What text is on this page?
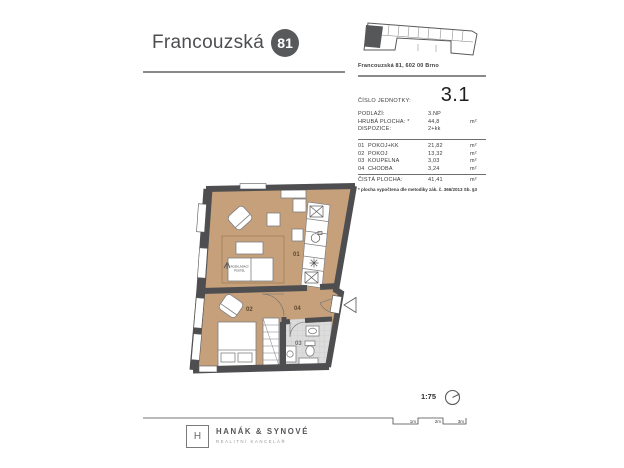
Francouzská 81
Francouzská 81, 602 00 Brno
ČÍSLO JEDNOTKY: 3.1
PODLAŽÍ:	3.NP
HRUBÁ PLOCHA: *	44,8	m²
DISPOZICE:	2+kk
01 POKOJ+KK	21,82	m²
02 POKOJ	13,32	m²
03 KOUPELNA	3,03	m²
04 CHODBA	3,24	m²
ČISTÁ PLOCHA:	41,41	m²
* plocha vypočtena dle metodiky zák. č. 366/2013 Sb. §3
01
02
03
04
ROZKLÁDACÍ
POSTEL
1:75
1m	2m	3m
H	HANÁK & SYNOVÉ
REALITNÍ KANCELÁŘ
